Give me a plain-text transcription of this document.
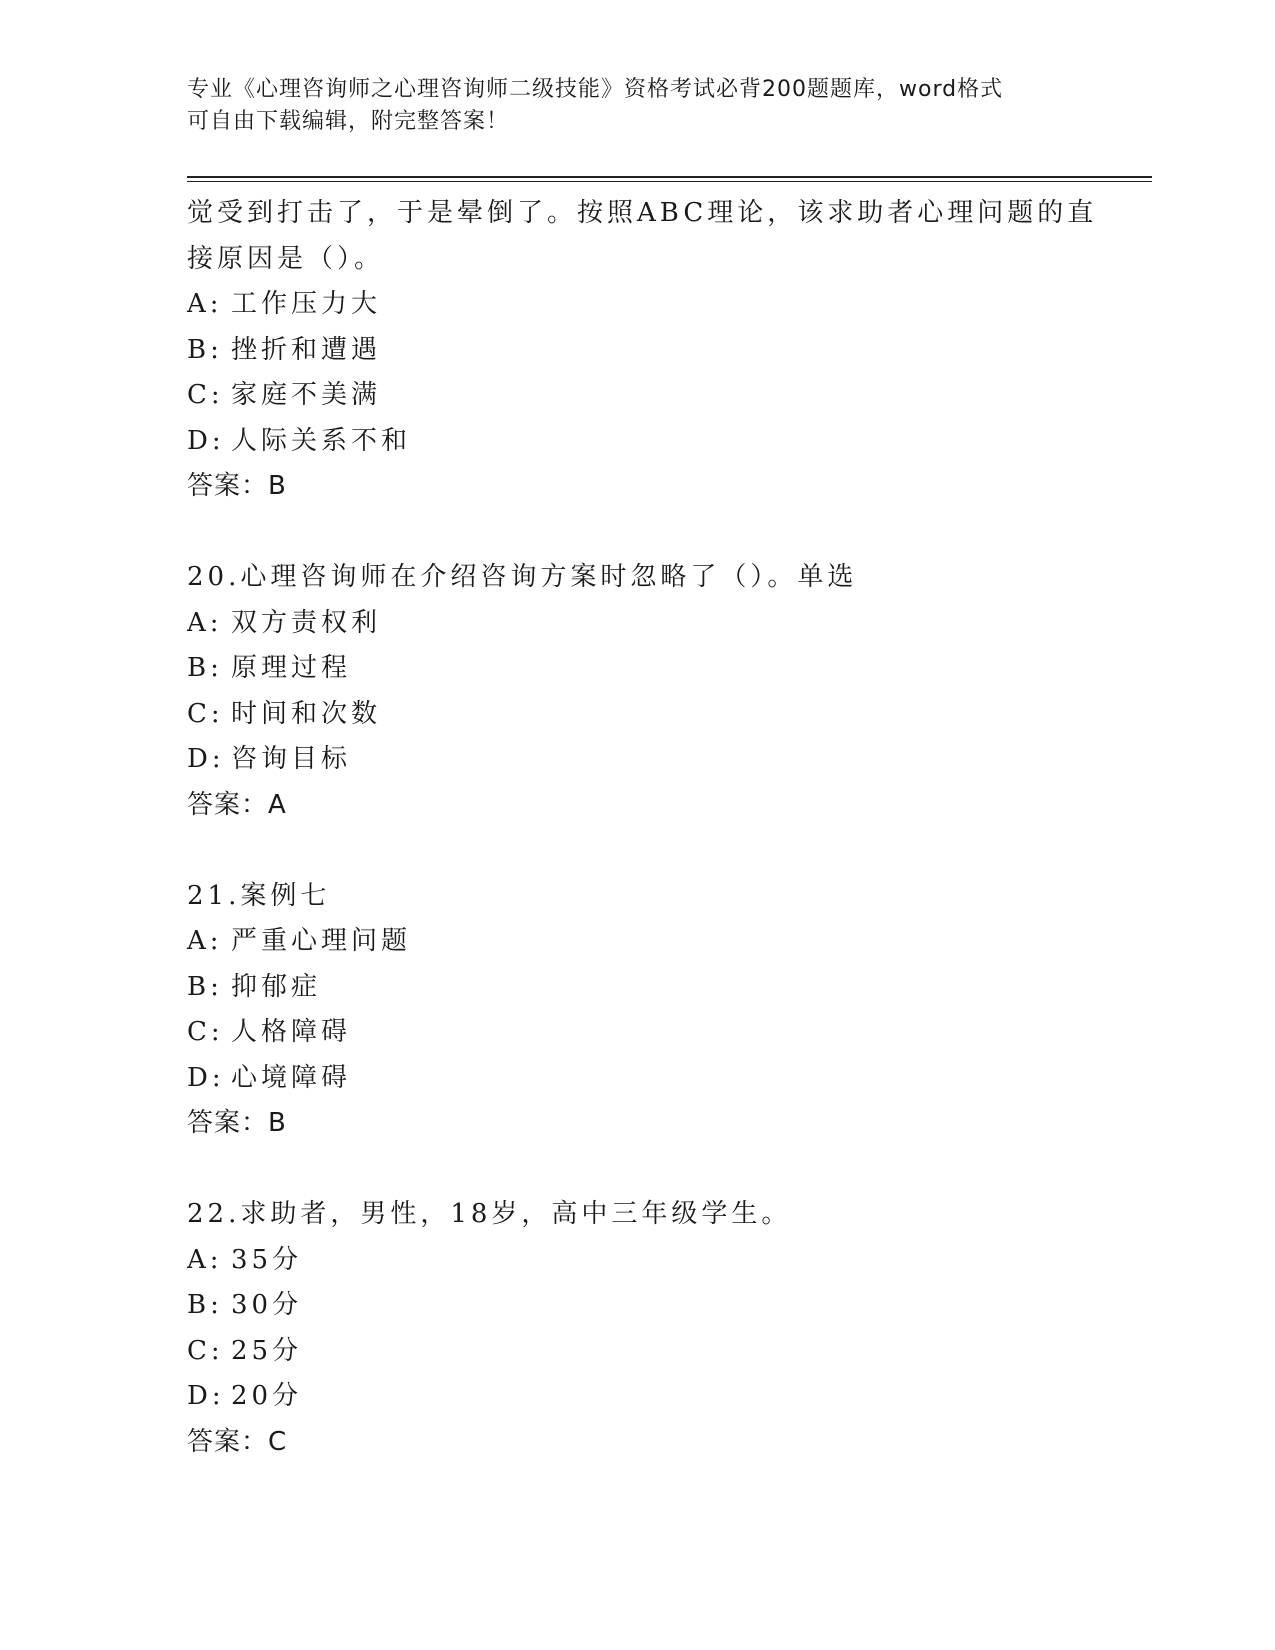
专业《心理咨询师之心理咨询师二级技能》资格考试必背200题题库，word格式
可自由下载编辑，附完整答案！
觉受到打击了，于是晕倒了。按照ABC理论，该求助者心理问题的直
接原因是（）。
A: 工作压力大
B: 挫折和遭遇
C: 家庭不美满
D: 人际关系不和
答案：B
20.心理咨询师在介绍咨询方案时忽略了（）。单选
A: 双方责权利
B: 原理过程
C: 时间和次数
D: 咨询目标
答案：A
21.案例七
A: 严重心理问题
B: 抑郁症
C: 人格障碍
D: 心境障碍
答案：B
22.求助者，男性，18岁，高中三年级学生。
A: 35分
B: 30分
C: 25分
D: 20分
答案：C
